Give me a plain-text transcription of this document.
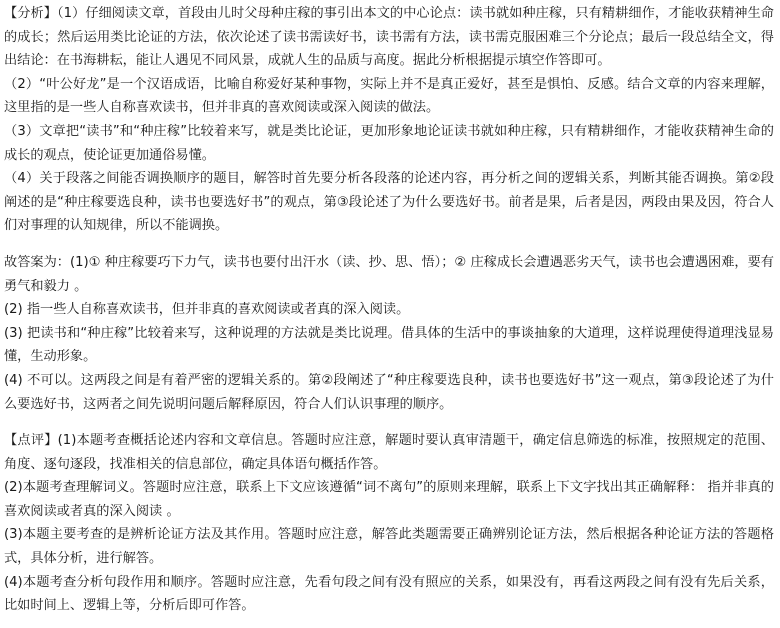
【分析】（1）仔细阅读文章，首段由儿时父母种庄稼的事引出本文的中心论点：读书就如种庄稼，只有精耕细作，才能收获精神生命的成长；然后运用类比论证的方法，依次论述了读书需读好书，读书需有方法，读书需克服困难三个分论点；最后一段总结全文，得出结论：在书海耕耘，能让人遇见不同风景，成就人生的品质与高度。据此分析根据提示填空作答即可。

（2）“叶公好龙”是一个汉语成语，比喻自称爱好某种事物，实际上并不是真正爱好，甚至是惧怕、反感。结合文章的内容来理解，这里指的是一些人自称喜欢读书，但并非真的喜欢阅读或深入阅读的做法。

（3）文章把“读书”和“种庄稼”比较着来写，就是类比论证，更加形象地论证读书就如种庄稼，只有精耕细作，才能收获精神生命的成长的观点，使论证更加通俗易懂。

（4）关于段落之间能否调换顺序的题目，解答时首先要分析各段落的论述内容，再分析之间的逻辑关系，判断其能否调换。第②段阐述的是“种庄稼要选良种，读书也要选好书”的观点，第③段论述了为什么要选好书。前者是果，后者是因，两段由果及因，符合人们对事理的认知规律，所以不能调换。

故答案为：(1)① 种庄稼要巧下力气，读书也要付出汗水（读、抄、思、悟）；② 庄稼成长会遭遇恶劣天气，读书也会遭遇困难，要有勇气和毅力 。

(2) 指一些人自称喜欢读书，但并非真的喜欢阅读或者真的深入阅读。

(3) 把读书和“种庄稼”比较着来写，这种说理的方法就是类比说理。借具体的生活中的事谈抽象的大道理，这样说理使得道理浅显易懂，生动形象。

(4) 不可以。这两段之间是有着严密的逻辑关系的。第②段阐述了“种庄稼要选良种，读书也要选好书”这一观点，第③段论述了为什么要选好书，这两者之间先说明问题后解释原因，符合人们认识事理的顺序。

【点评】(1)本题考查概括论述内容和文章信息。答题时应注意，解题时要认真审清题干，确定信息筛选的标准，按照规定的范围、角度、逐句逐段，找准相关的信息部位，确定具体语句概括作答。

(2)本题考查理解词义。答题时应注意，联系上下文应该遵循“词不离句”的原则来理解，联系上下文字找出其正确解释： 指并非真的喜欢阅读或者真的深入阅读 。

(3)本题主要考查的是辨析论证方法及其作用。答题时应注意，解答此类题需要正确辨别论证方法，然后根据各种论证方法的答题格式，具体分析，进行解答。

(4)本题考查分析句段作用和顺序。答题时应注意，先看句段之间有没有照应的关系，如果没有，再看这两段之间有没有先后关系，比如时间上、逻辑上等，分析后即可作答。
